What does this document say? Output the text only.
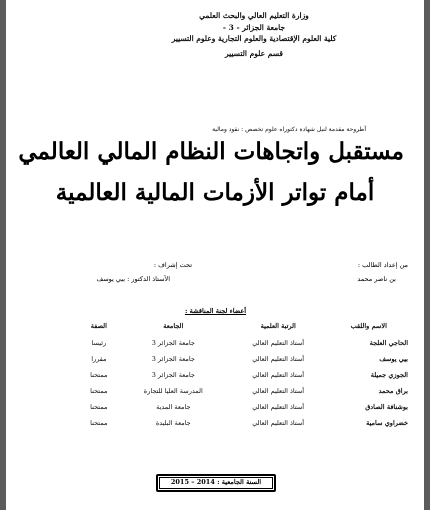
وزارة التعليم العالي والبحث العلمي
جامعة الجزائر - 3 -
كلية العلوم الإقتصادية والعلوم التجارية وعلوم التسيير
قسم علوم التسيير
أطروحة مقدمة لنيل شهادة دكتوراه علوم تخصص : نقود ومالية
مستقبل واتجاهات النظام المالي العالمي
أمام تواتر الأزمات المالية العالمية
من إعداد الطالب :
بن ناصر محمد
تحت إشراف :
الأستاذ الدكتور : بيي يوسف
أعضاء لجنة المناقشة :
الاسم واللقب	الرتبة العلمية	الجامعة	الصفة
الحاجي العلجة	أستاذ التعليم العالي	جامعة الجزائر 3	رئيسا
بيي يوسف	أستاذ التعليم العالي	جامعة الجزائر 3	مقررا
الجوزي جميلة	أستاذ التعليم العالي	جامعة الجزائر 3	ممتحنا
براق محمد	أستاذ التعليم العالي	المدرسة العليا للتجارة	ممتحنا
بوشنافة الصادق	أستاذ التعليم العالي	جامعة المدية	ممتحنا
خضراوي سامية	أستاذ التعليم العالي	جامعة البليدة	ممتحنا
السنة الجامعية : 2014 – 2015
